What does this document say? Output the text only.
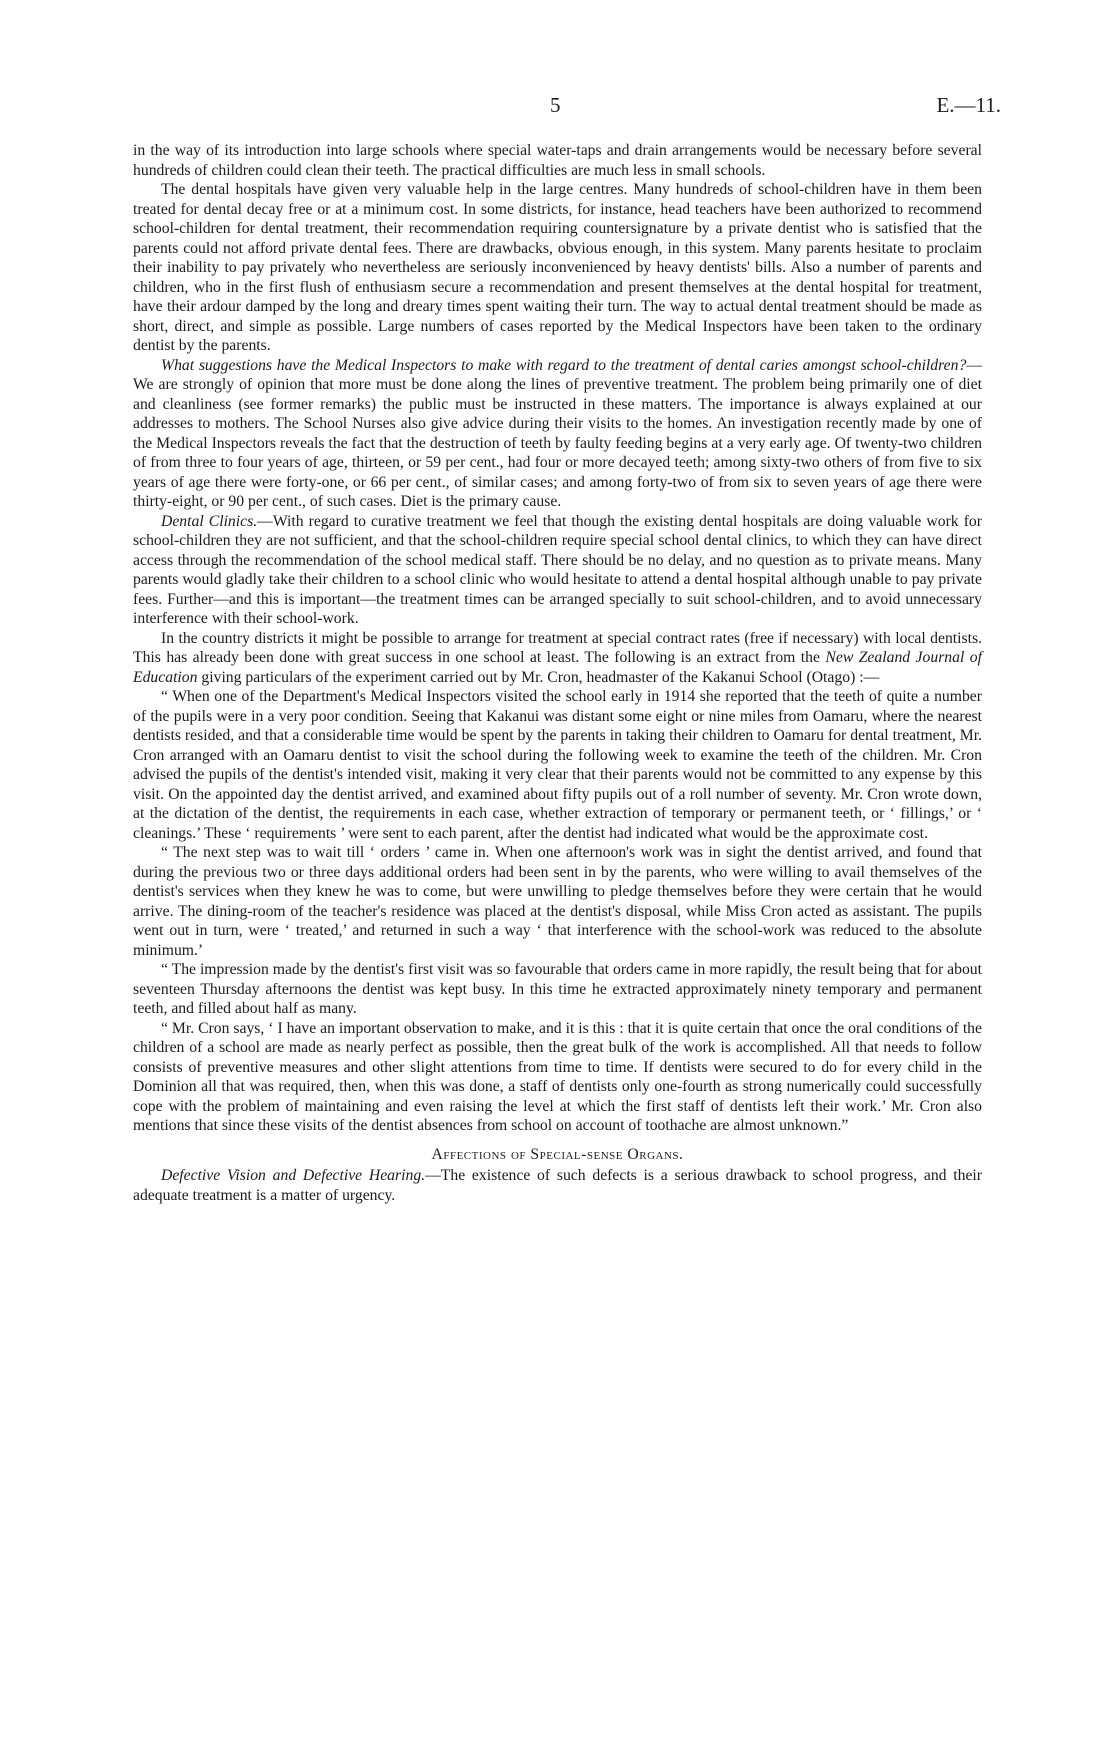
5	E.—11.

in the way of its introduction into large schools where special water-taps and drain arrangements would be necessary before several hundreds of children could clean their teeth. The practical difficulties are much less in small schools.

The dental hospitals have given very valuable help in the large centres. Many hundreds of school-children have in them been treated for dental decay free or at a minimum cost. In some districts, for instance, head teachers have been authorized to recommend school-children for dental treatment, their recommendation requiring countersignature by a private dentist who is satisfied that the parents could not afford private dental fees. There are drawbacks, obvious enough, in this system. Many parents hesitate to proclaim their inability to pay privately who nevertheless are seriously inconvenienced by heavy dentists' bills. Also a number of parents and children, who in the first flush of enthusiasm secure a recommendation and present themselves at the dental hospital for treatment, have their ardour damped by the long and dreary times spent waiting their turn. The way to actual dental treatment should be made as short, direct, and simple as possible. Large numbers of cases reported by the Medical Inspectors have been taken to the ordinary dentist by the parents.

What suggestions have the Medical Inspectors to make with regard to the treatment of dental caries amongst school-children?—We are strongly of opinion that more must be done along the lines of preventive treatment. The problem being primarily one of diet and cleanliness (see former remarks) the public must be instructed in these matters. The importance is always explained at our addresses to mothers. The School Nurses also give advice during their visits to the homes. An investigation recently made by one of the Medical Inspectors reveals the fact that the destruction of teeth by faulty feeding begins at a very early age. Of twenty-two children of from three to four years of age, thirteen, or 59 per cent., had four or more decayed teeth; among sixty-two others of from five to six years of age there were forty-one, or 66 per cent., of similar cases; and among forty-two of from six to seven years of age there were thirty-eight, or 90 per cent., of such cases. Diet is the primary cause.

Dental Clinics.—With regard to curative treatment we feel that though the existing dental hospitals are doing valuable work for school-children they are not sufficient, and that the school-children require special school dental clinics, to which they can have direct access through the recommendation of the school medical staff. There should be no delay, and no question as to private means. Many parents would gladly take their children to a school clinic who would hesitate to attend a dental hospital although unable to pay private fees. Further—and this is important—the treatment times can be arranged specially to suit school-children, and to avoid unnecessary interference with their school-work.

In the country districts it might be possible to arrange for treatment at special contract rates (free if necessary) with local dentists. This has already been done with great success in one school at least. The following is an extract from the New Zealand Journal of Education giving particulars of the experiment carried out by Mr. Cron, headmaster of the Kakanui School (Otago) :—

“ When one of the Department's Medical Inspectors visited the school early in 1914 she reported that the teeth of quite a number of the pupils were in a very poor condition. Seeing that Kakanui was distant some eight or nine miles from Oamaru, where the nearest dentists resided, and that a considerable time would be spent by the parents in taking their children to Oamaru for dental treatment, Mr. Cron arranged with an Oamaru dentist to visit the school during the following week to examine the teeth of the children. Mr. Cron advised the pupils of the dentist's intended visit, making it very clear that their parents would not be committed to any expense by this visit. On the appointed day the dentist arrived, and examined about fifty pupils out of a roll number of seventy. Mr. Cron wrote down, at the dictation of the dentist, the requirements in each case, whether extraction of temporary or permanent teeth, or ‘ fillings,’ or ‘ cleanings.’ These ‘ requirements ’ were sent to each parent, after the dentist had indicated what would be the approximate cost.

“ The next step was to wait till ‘ orders ’ came in. When one afternoon's work was in sight the dentist arrived, and found that during the previous two or three days additional orders had been sent in by the parents, who were willing to avail themselves of the dentist's services when they knew he was to come, but were unwilling to pledge themselves before they were certain that he would arrive. The dining-room of the teacher's residence was placed at the dentist's disposal, while Miss Cron acted as assistant. The pupils went out in turn, were ‘ treated,’ and returned in such a way ‘ that interference with the school-work was reduced to the absolute minimum.’

“ The impression made by the dentist's first visit was so favourable that orders came in more rapidly, the result being that for about seventeen Thursday afternoons the dentist was kept busy. In this time he extracted approximately ninety temporary and permanent teeth, and filled about half as many.

“ Mr. Cron says, ‘ I have an important observation to make, and it is this : that it is quite certain that once the oral conditions of the children of a school are made as nearly perfect as possible, then the great bulk of the work is accomplished. All that needs to follow consists of preventive measures and other slight attentions from time to time. If dentists were secured to do for every child in the Dominion all that was required, then, when this was done, a staff of dentists only one-fourth as strong numerically could successfully cope with the problem of maintaining and even raising the level at which the first staff of dentists left their work.’ Mr. Cron also mentions that since these visits of the dentist absences from school on account of toothache are almost unknown.”

Affections of Special-sense Organs.

Defective Vision and Defective Hearing.—The existence of such defects is a serious drawback to school progress, and their adequate treatment is a matter of urgency.
